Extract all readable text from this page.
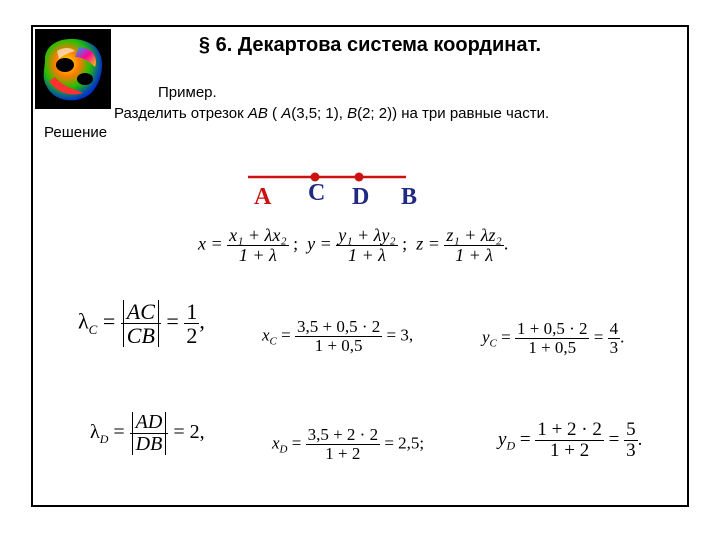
§ 6. Декартова система координат.
Пример.
Разделить отрезок AB ( A(3,5; 1), B(2; 2)) на три равные части.
Решение
A C D B
$x = \frac{\text{x₁ + λx₂}}{1 + \lambda}$ ; $y = \frac{\text{y₁ + λy₂}}{1 + \lambda}$ ; $z = \frac{\text{z₁ + λz₂}}{1 + \lambda}$ .
$\lambda_C = \frac{AC}{CB} = \frac{1}{2}$ ,
$x_C = \frac{3,5 + 0,5 \cdot 2}{1 + 0,5} = 3$,	$y_C = \frac{1 + 0,5 \cdot 2}{1 + 0,5} = \frac{4}{3}$ .
$\lambda_D = \frac{AD}{DB} = 2$,	$x_D = \frac{3,5 + 2 \cdot 2}{1 + 2} = 2,5$;	$y_D = \frac{1 + 2 \cdot 2}{1 + 2} = \frac{5}{3}$ .
